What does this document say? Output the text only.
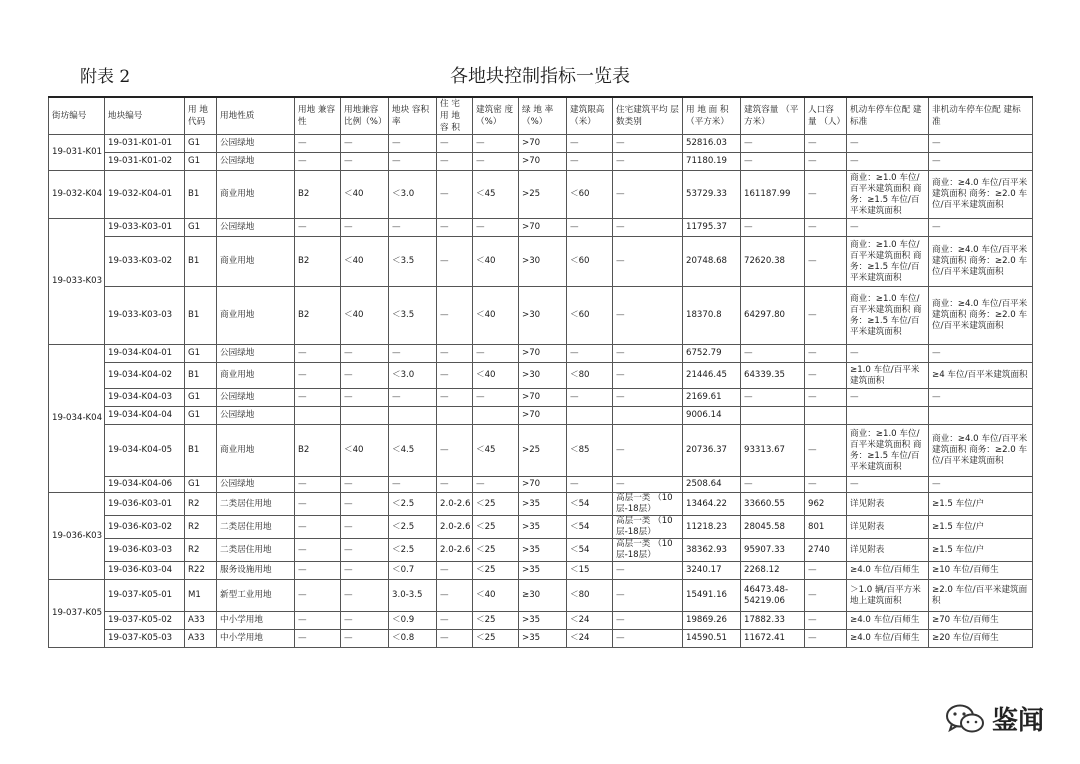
附表 2	各地块控制指标一览表
街坊编号	地块编号	用 地 代码	用地性质	用地 兼容性	用地兼容 比例（%）	地块 容积率	住 宅 用 地 容 积	建筑密 度（%）	绿 地 率 （%）	建筑限高 （米）	住宅建筑平均 层数类别	用 地 面 积 （平方米）	建筑容量 （平方米）	人口容 量 （人）	机动车停车位配 建标准	非机动车停车位配 建标准
19-031-K01	19-031-K01-01	G1	公园绿地	—	—	—	—	—	>70	—	—	52816.03	—	—	—	—
	19-031-K01-02	G1	公园绿地	—	—	—	—	—	>70	—	—	71180.19	—	—	—	—
19-032-K04	19-032-K04-01	B1	商业用地	B2	＜40	＜3.0	—	＜45	>25	＜60	—	53729.33	161187.99	—	商业：≥1.0 车位/百平米建筑面积 商务：≥1.5 车位/百平米建筑面积	商业：≥4.0 车位/百平米建筑面积 商务：≥2.0 车位/百平米建筑面积
19-033-K03	19-033-K03-01	G1	公园绿地	—	—	—	—	—	>70	—	—	11795.37	—	—	—	—
	19-033-K03-02	B1	商业用地	B2	＜40	＜3.5	—	＜40	>30	＜60	—	20748.68	72620.38	—	商业：≥1.0 车位/百平米建筑面积 商务：≥1.5 车位/百平米建筑面积	商业：≥4.0 车位/百平米建筑面积 商务：≥2.0 车位/百平米建筑面积
	19-033-K03-03	B1	商业用地	B2	＜40	＜3.5	—	＜40	>30	＜60	—	18370.8	64297.80	—	商业：≥1.0 车位/百平米建筑面积 商务：≥1.5 车位/百平米建筑面积	商业：≥4.0 车位/百平米建筑面积 商务：≥2.0 车位/百平米建筑面积
19-034-K04	19-034-K04-01	G1	公园绿地	—	—	—	—	—	>70	—	—	6752.79	—	—	—	—
	19-034-K04-02	B1	商业用地	—	—	＜3.0	—	＜40	>30	＜80	—	21446.45	64339.35	—	≥1.0 车位/百平米建筑面积	≥4 车位/百平米建筑面积
	19-034-K04-03	G1	公园绿地	—	—	—	—	—	>70	—	—	2169.61	—	—	—	—
	19-034-K04-04	G1	公园绿地						>70			9006.14				
	19-034-K04-05	B1	商业用地	B2	＜40	＜4.5	—	＜45	>25	＜85	—	20736.37	93313.67	—	商业：≥1.0 车位/百平米建筑面积 商务：≥1.5 车位/百平米建筑面积	商业：≥4.0 车位/百平米建筑面积 商务：≥2.0 车位/百平米建筑面积
	19-034-K04-06	G1	公园绿地	—	—	—	—	—	>70	—	—	2508.64	—	—	—	—
19-036-K03	19-036-K03-01	R2	二类居住用地	—	—	＜2.5	2.0-2.6	＜25	>35	＜54	高层一类 （10层-18层）	13464.22	33660.55	962	详见附表	≥1.5 车位/户
	19-036-K03-02	R2	二类居住用地	—	—	＜2.5	2.0-2.6	＜25	>35	＜54	高层一类 （10层-18层）	11218.23	28045.58	801	详见附表	≥1.5 车位/户
	19-036-K03-03	R2	二类居住用地	—	—	＜2.5	2.0-2.6	＜25	>35	＜54	高层一类 （10层-18层）	38362.93	95907.33	2740	详见附表	≥1.5 车位/户
	19-036-K03-04	R22	服务设施用地	—	—	＜0.7	—	＜25	>35	＜15	—	3240.17	2268.12	—	≥4.0 车位/百师生	≥10 车位/百师生
19-037-K05	19-037-K05-01	M1	新型工业用地	—	—	3.0-3.5	—	＜40	≥30	＜80	—	15491.16	46473.48- 54219.06	—	＞1.0 辆/百平方米地上建筑面积	≥2.0 车位/百平米建筑面积
	19-037-K05-02	A33	中小学用地	—	—	＜0.9	—	＜25	>35	＜24	—	19869.26	17882.33	—	≥4.0 车位/百师生	≥70 车位/百师生
	19-037-K05-03	A33	中小学用地	—	—	＜0.8	—	＜25	>35	＜24	—	14590.51	11672.41	—	≥4.0 车位/百师生	≥20 车位/百师生
鉴闻
